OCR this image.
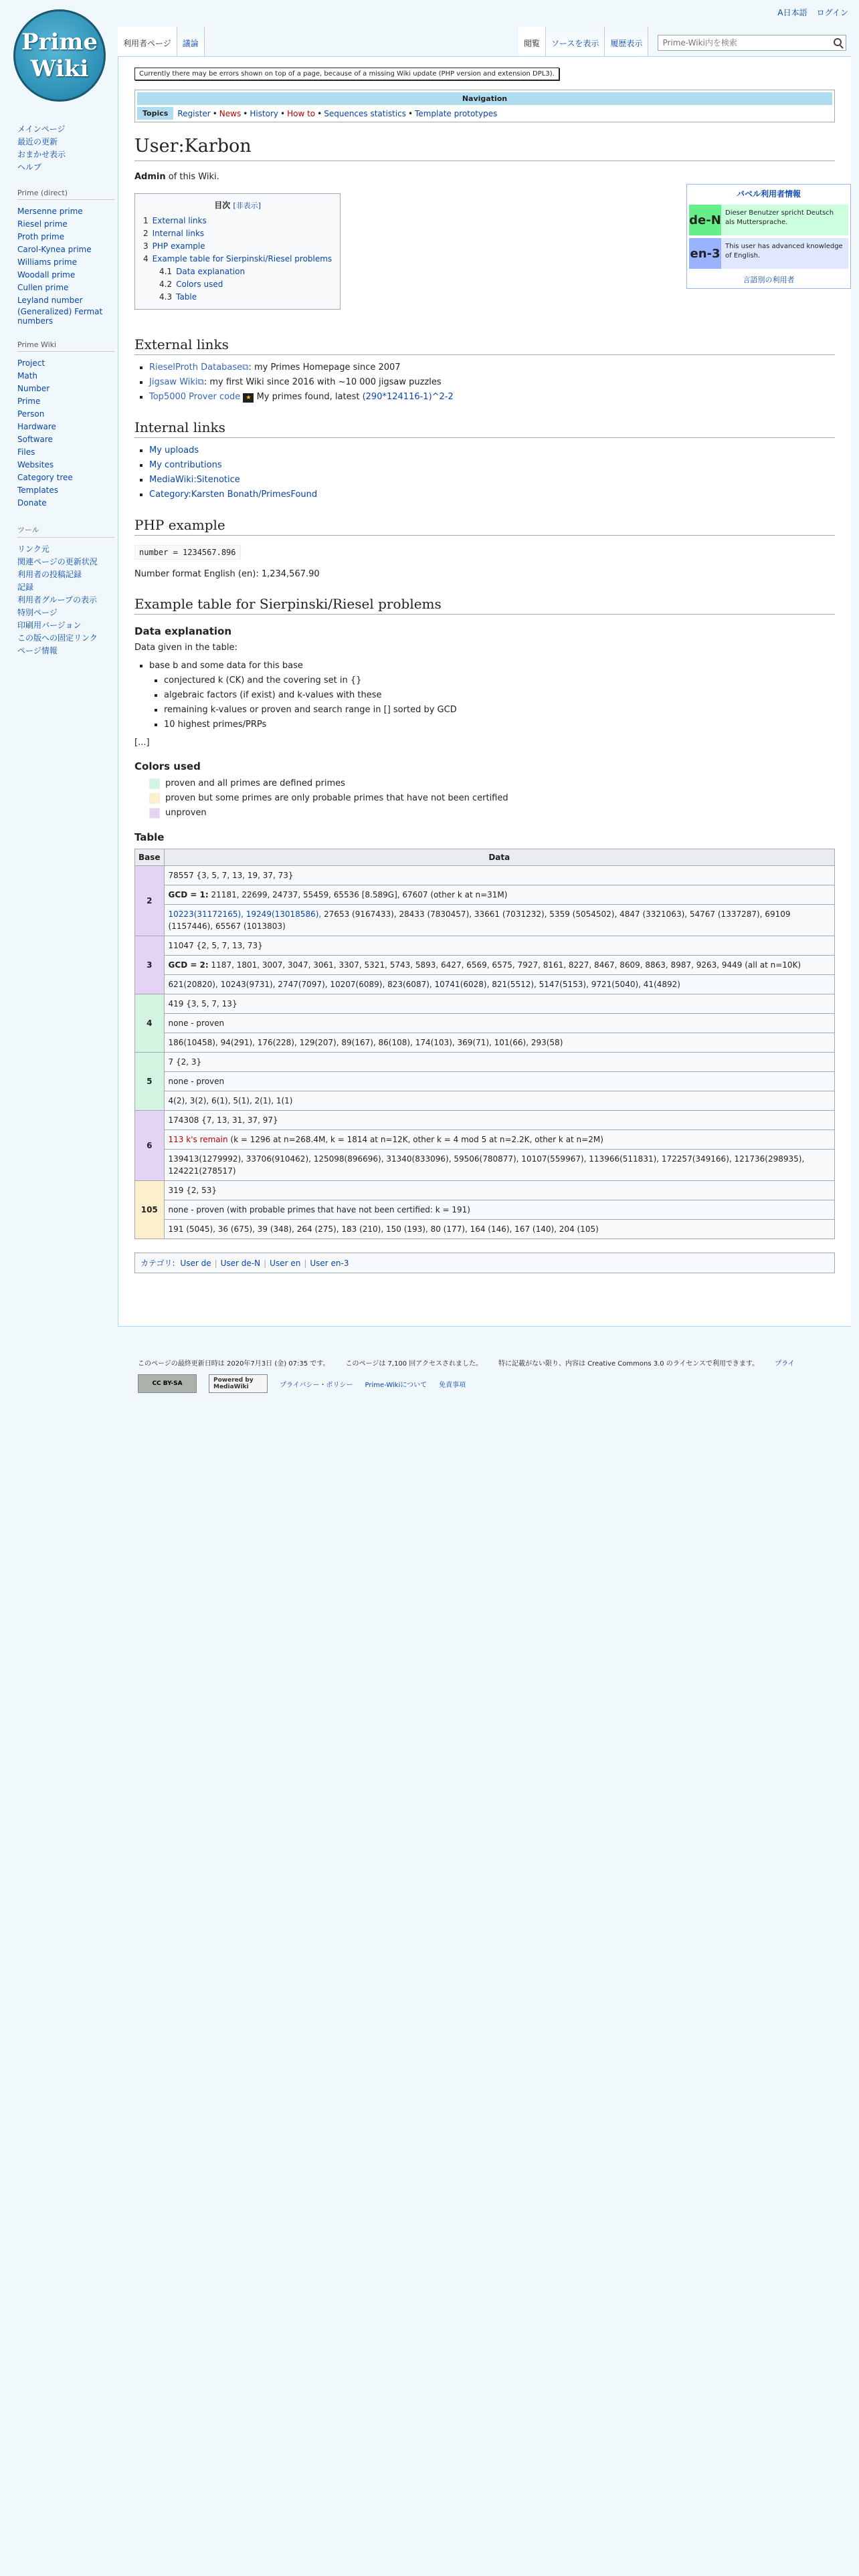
A日本語 ログイン
Prime
Wiki
利用者ページ	議論	閲覧	ソースを表示	履歴表示
Prime-Wiki内を検索
メインページ
最近の更新
おまかせ表示
ヘルプ
Prime (direct)
Mersenne prime
Riesel prime
Proth prime
Carol-Kynea prime
Williams prime
Woodall prime
Cullen prime
Leyland number
(Generalized) Fermat numbers
Prime Wiki
Project
Math
Number
Prime
Person
Hardware
Software
Files
Websites
Category tree
Templates
Donate
ツール
リンク元
関連ページの更新状況
利用者の投稿記録
記録
利用者グループの表示
特別ページ
印刷用バージョン
この版への固定リンク
ページ情報
Currently there may be errors shown on top of a page, because of a missing Wiki update (PHP version and extension DPL3).
Navigation
Topics	Register • News • History • How to • Sequences statistics • Template prototypes
User:Karbon
バベル利用者情報
de-N Dieser Benutzer spricht Deutsch als Muttersprache.
en-3 This user has advanced knowledge of English.
言語別の利用者

Admin of this Wiki.

目次 [非表示]
1 External links
2 Internal links
3 PHP example
4 Example table for Sierpinski/Riesel problems
4.1 Data explanation
4.2 Colors used
4.3 Table
External links
▪ RieselProth Database⧉: my Primes Homepage since 2007
▪ Jigsaw Wiki⧉: my first Wiki since 2016 with ~10 000 jigsaw puzzles
▪ Top5000 Prover code ★ My primes found, latest (290*124116-1)^2-2
Internal links
▪ My uploads
▪ My contributions
▪ MediaWiki:Sitenotice
▪ Category:Karsten Bonath/PrimesFound
PHP example
number = 1234567.896

Number format English (en): 1,234,567.90

Example table for Sierpinski/Riesel problems
Data explanation

Data given in the table:

▪ base b and some data for this base
▪ conjectured k (CK) and the covering set in {}
▪ algebraic factors (if exist) and k-values with these
▪ remaining k-values or proven and search range in [] sorted by GCD
▪ 10 highest primes/PRPs

[...]

Colors used
proven and all primes are defined primes
proven but some primes are only probable primes that have not been certified
unproven
Table
Base	Data
2	78557 {3, 5, 7, 13, 19, 37, 73}
	GCD = 1: 21181, 22699, 24737, 55459, 65536 [8.589G], 67607 (other k at n=31M)
	10223(31172165), 19249(13018586), 27653 (9167433), 28433 (7830457), 33661 (7031232), 5359 (5054502), 4847 (3321063), 54767 (1337287), 69109 (1157446), 65567 (1013803)
3	11047 {2, 5, 7, 13, 73}
	GCD = 2: 1187, 1801, 3007, 3047, 3061, 3307, 5321, 5743, 5893, 6427, 6569, 6575, 7927, 8161, 8227, 8467, 8609, 8863, 8987, 9263, 9449 (all at n=10K)
	621(20820), 10243(9731), 2747(7097), 10207(6089), 823(6087), 10741(6028), 821(5512), 5147(5153), 9721(5040), 41(4892)
4	419 {3, 5, 7, 13}
	none - proven
	186(10458), 94(291), 176(228), 129(207), 89(167), 86(108), 174(103), 369(71), 101(66), 293(58)
5	7 {2, 3}
	none - proven
	4(2), 3(2), 6(1), 5(1), 2(1), 1(1)
6	174308 {7, 13, 31, 37, 97}
	113 k's remain (k = 1296 at n=268.4M, k = 1814 at n=12K, other k = 4 mod 5 at n=2.2K, other k at n=2M)
	139413(1279992), 33706(910462), 125098(896696), 31340(833096), 59506(780877), 10107(559967), 113966(511831), 172257(349166), 121736(298935), 124221(278517)
105	319 {2, 53}
	none - proven (with probable primes that have not been certified: k = 191)
	191 (5045), 36 (675), 39 (348), 264 (275), 183 (210), 150 (193), 80 (177), 164 (146), 167 (140), 204 (105)
カテゴリ: User de | User de-N | User en | User en-3
このページの最終更新日時は 2020年7月3日 (金) 07:35 です。 このページは 7,100 回アクセスされました。 特に記載がない限り、内容は Creative Commons 3.0 のライセンスで利用できます。 プライ
CC BY-SA	Powered by MediaWiki	プライバシー・ポリシー Prime-Wikiについて 免責事項
